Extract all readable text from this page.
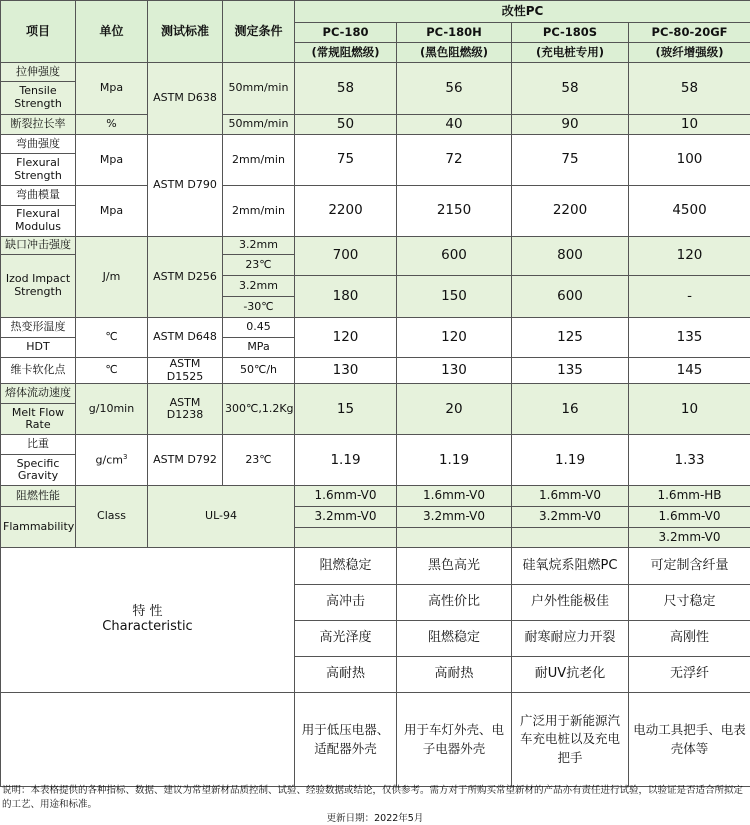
项目	单位	测试标准	测定条件	改性PC			
				PC-180	PC-180H	PC-180S	PC-80-20GF
				(常规阻燃级)	(黑色阻燃级)	(充电桩专用)	(玻纤增强级)
拉伸强度	Mpa	ASTM D638	50mm/min	58	56	58	58
Tensile Strength							
断裂拉长率	%		50mm/min	50	40	90	10
弯曲强度	Mpa	ASTM D790	2mm/min	75	72	75	100
Flexural Strength							
弯曲模量	Mpa		2mm/min	2200	2150	2200	4500
Flexural Modulus							
缺口冲击强度	J/m	ASTM D256	3.2mm	700	600	800	120
Izod Impact Strength			23℃				
			3.2mm	180	150	600	-
			-30℃				
热变形温度	℃	ASTM D648	0.45	120	120	125	135
HDT			MPa				
维卡软化点	℃	ASTM D1525	50℃/h	130	130	135	145
熔体流动速度	g/10min	ASTM D1238	300℃,1.2Kg	15	20	16	10
Melt Flow Rate							
比重	$g/cm^3$	ASTM D792	23℃	1.19	1.19	1.19	1.33
Specific Gravity							
阻燃性能	Class	UL-94		1.6mm-V0	1.6mm-V0	1.6mm-V0	1.6mm-HB
Flammability				3.2mm-V0	3.2mm-V0	3.2mm-V0	1.6mm-V0
							3.2mm-V0

特 性
Characteristic				阻燃稳定	黑色高光	硅氧烷系阻燃PC	可定制含纤量
				高冲击	高性价比	户外性能极佳	尺寸稳定
				高光泽度	阻燃稳定	耐寒耐应力开裂	高刚性
				高耐热	高耐热	耐UV抗老化	无浮纤
				用于低压电器、适配器外壳	用于车灯外壳、电子电器外壳	广泛用于新能源汽车充电桩以及充电把手	电动工具把手、电表壳体等
说明：本表格提供的各种指标、数据、建议为常望新材品质控制、试验、经验数据或结论，仅供参考。需方对于所购买常望新材的产品亦有责任进行试验，以验证是否适合所拟定的工艺、用途和标准。
更新日期：2022年5月
